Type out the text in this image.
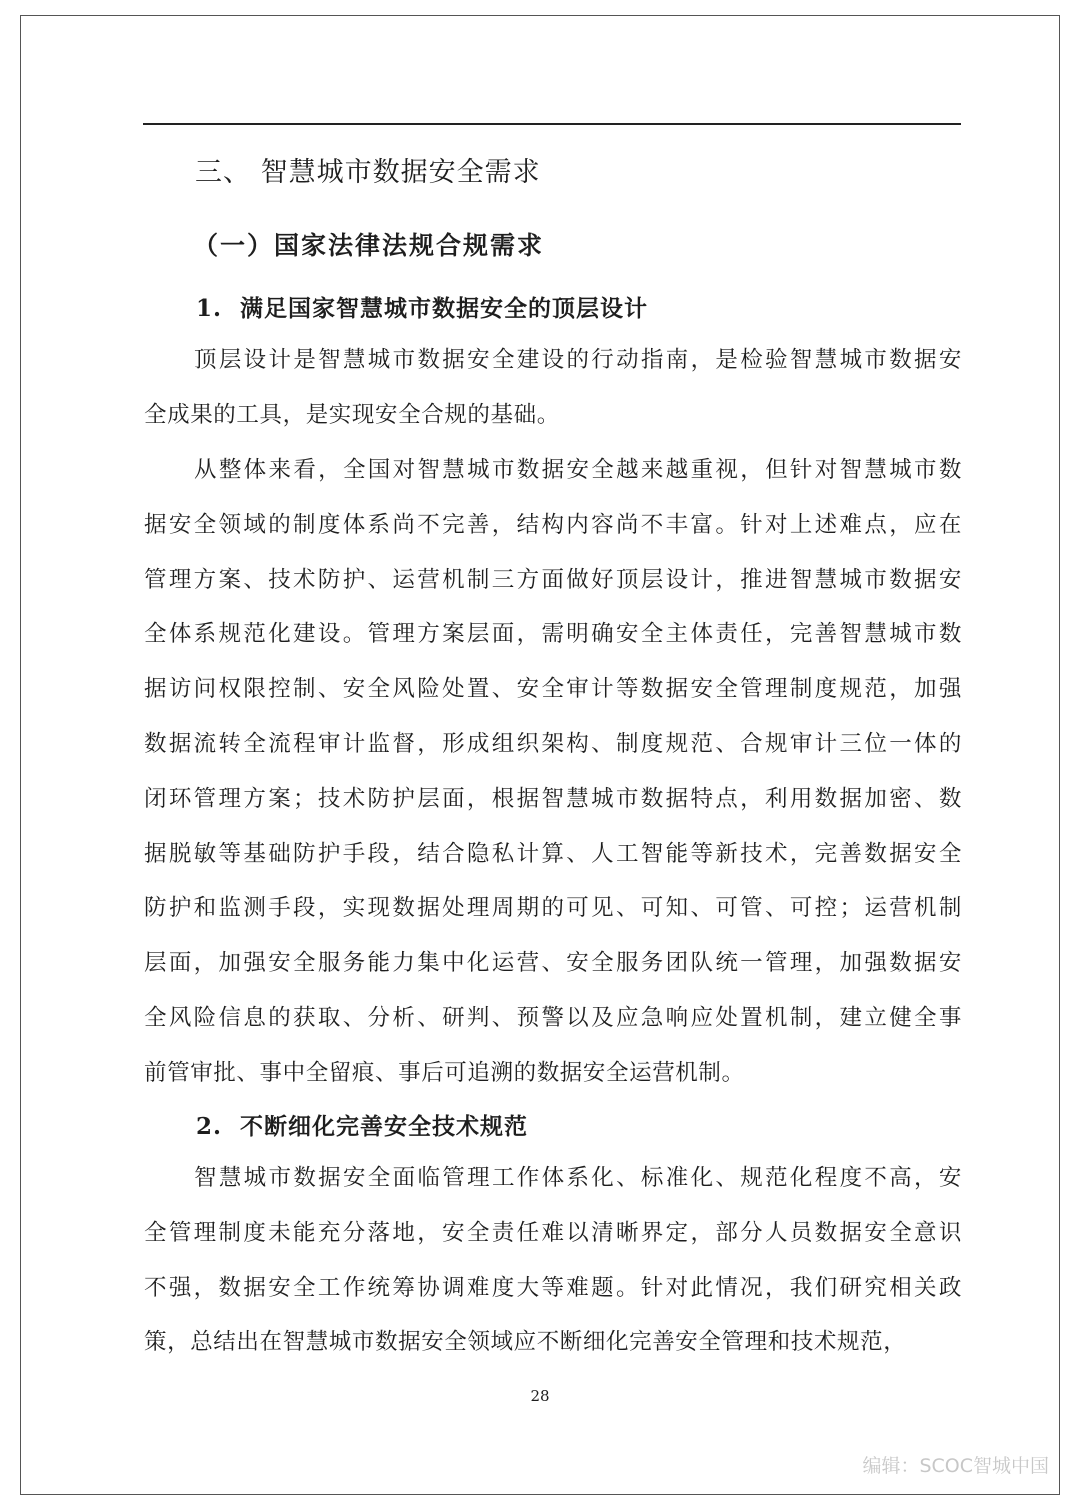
三、 智慧城市数据安全需求
（一）国家法律法规合规需求
1. 满足国家智慧城市数据安全的顶层设计
顶层设计是智慧城市数据安全建设的行动指南，是检验智慧城市数据安
全成果的工具，是实现安全合规的基础。
从整体来看，全国对智慧城市数据安全越来越重视，但针对智慧城市数
据安全领域的制度体系尚不完善，结构内容尚不丰富。针对上述难点，应在
管理方案、技术防护、运营机制三方面做好顶层设计，推进智慧城市数据安
全体系规范化建设。管理方案层面，需明确安全主体责任，完善智慧城市数
据访问权限控制、安全风险处置、安全审计等数据安全管理制度规范，加强
数据流转全流程审计监督，形成组织架构、制度规范、合规审计三位一体的
闭环管理方案；技术防护层面，根据智慧城市数据特点，利用数据加密、数
据脱敏等基础防护手段，结合隐私计算、人工智能等新技术，完善数据安全
防护和监测手段，实现数据处理周期的可见、可知、可管、可控；运营机制
层面，加强安全服务能力集中化运营、安全服务团队统一管理，加强数据安
全风险信息的获取、分析、研判、预警以及应急响应处置机制，建立健全事
前管审批、事中全留痕、事后可追溯的数据安全运营机制。
2. 不断细化完善安全技术规范
智慧城市数据安全面临管理工作体系化、标准化、规范化程度不高，安
全管理制度未能充分落地，安全责任难以清晰界定，部分人员数据安全意识
不强，数据安全工作统筹协调难度大等难题。针对此情况，我们研究相关政
策，总结出在智慧城市数据安全领域应不断细化完善安全管理和技术规范，
28
编辑：SCOC智城中国
